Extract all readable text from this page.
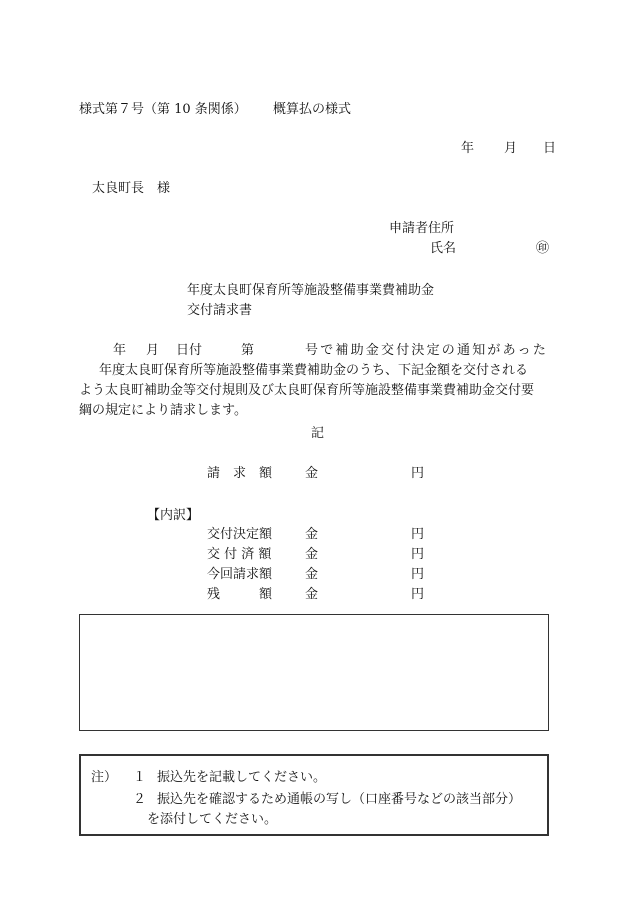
様式第７号（第 10 条関係） 概算払の様式
年 月 日
太良町長　様
申請者住所
氏名	㊞
年度太良町保育所等施設整備事業費補助金
交付請求書
年 月 日付	第	号で補助金交付決定の通知があった
年度太良町保育所等施設整備事業費補助金のうち、下記金額を交付される
よう太良町補助金等交付規則及び太良町保育所等施設整備事業費補助金交付要
綱の規定により請求します。
記
請　求　額	金	円
【内訳】
交付決定額	金	円
交 付 済 額	金	円
今回請求額	金	円
残　　　額	金	円
注） １ 振込先を記載してください。
２ 振込先を確認するため通帳の写し（口座番号などの該当部分）
を添付してください。
